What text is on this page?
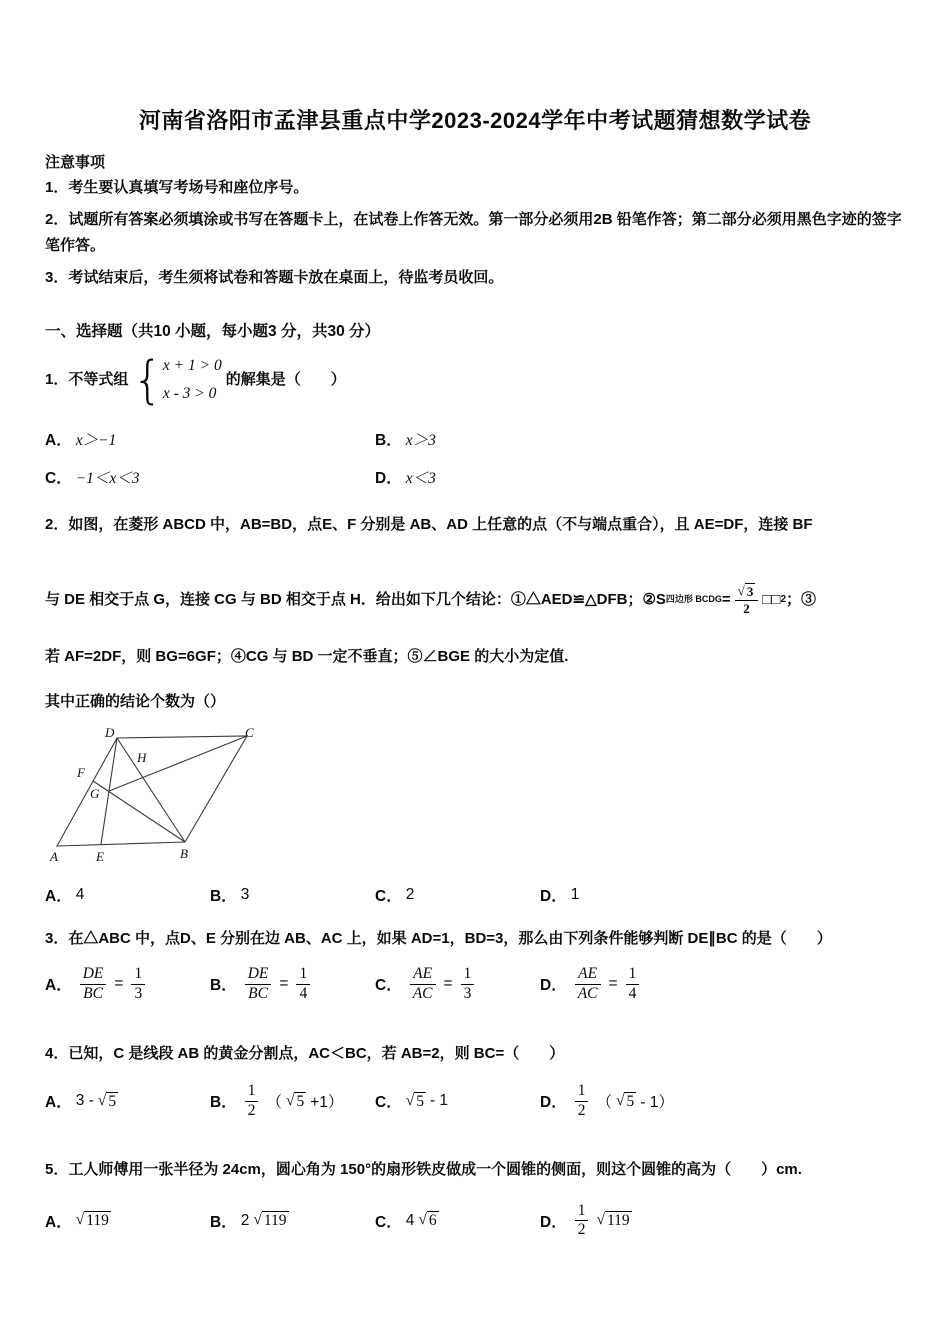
河南省洛阳市孟津县重点中学2023-2024学年中考试题猜想数学试卷
注意事项
1．考生要认真填写考场号和座位序号。
2．试题所有答案必须填涂或书写在答题卡上，在试卷上作答无效。第一部分必须用2B 铅笔作答；第二部分必须用黑色字迹的签字笔作答。
3．考试结束后，考生须将试卷和答题卡放在桌面上，待监考员收回。
一、选择题（共10 小题，每小题3 分，共30 分）
1．不等式组
{
x + 1 > 0
x - 3 > 0
的解集是（　　）
A． x＞−1	B． x＞3
C． −1＜x＜3	D． x＜3
2．如图，在菱形 ABCD 中，AB=BD，点E、F 分别是 AB、AD 上任意的点（不与端点重合），且 AE=DF，连接 BF
与 DE 相交于点 G，连接 CG 与 BD 相交于点 H．给出如下几个结论：①△AED≌△DFB；②S 四边形 BCDG = √ $\frac{3}{2}$ □□ 2 ；③
若 AF=2DF，则 BG=6GF；④CG 与 BD 一定不垂直；⑤∠BGE 的大小为定值.
其中正确的结论个数为（）
A	E	B
C
D
F
G
H
A． 4	B． 3	C． 2	D． 1
3．在△ABC 中，点D、E 分别在边 AB、AC 上，如果 AD=1，BD=3，那么由下列条件能够判断 DE∥BC 的是（　　）
A． $\frac{DE}{BC} = \frac{1}{3}$	B． $\frac{DE}{BC} = \frac{1}{4}$	C． $\frac{AE}{AC} = \frac{1}{3}$	D． $\frac{AE}{AC} = \frac{1}{4}$
4．已知，C 是线段 AB 的黄金分割点，AC＜BC，若 AB=2，则 BC=（　　）
A． 3 - √ 5	B． $\frac{1}{2}$ （ √ 5 +1） C． √ 5 - 1	D． $\frac{1}{2}$ （ √ 5 - 1）
5．工人师傅用一张半径为 24cm，圆心角为 150°的扇形铁皮做成一个圆锥的侧面，则这个圆锥的高为（　　）cm.
A． √ 119	B． 2 √ 119	C． 4 √ 6	D． $\frac{1}{2}$ √ 119
